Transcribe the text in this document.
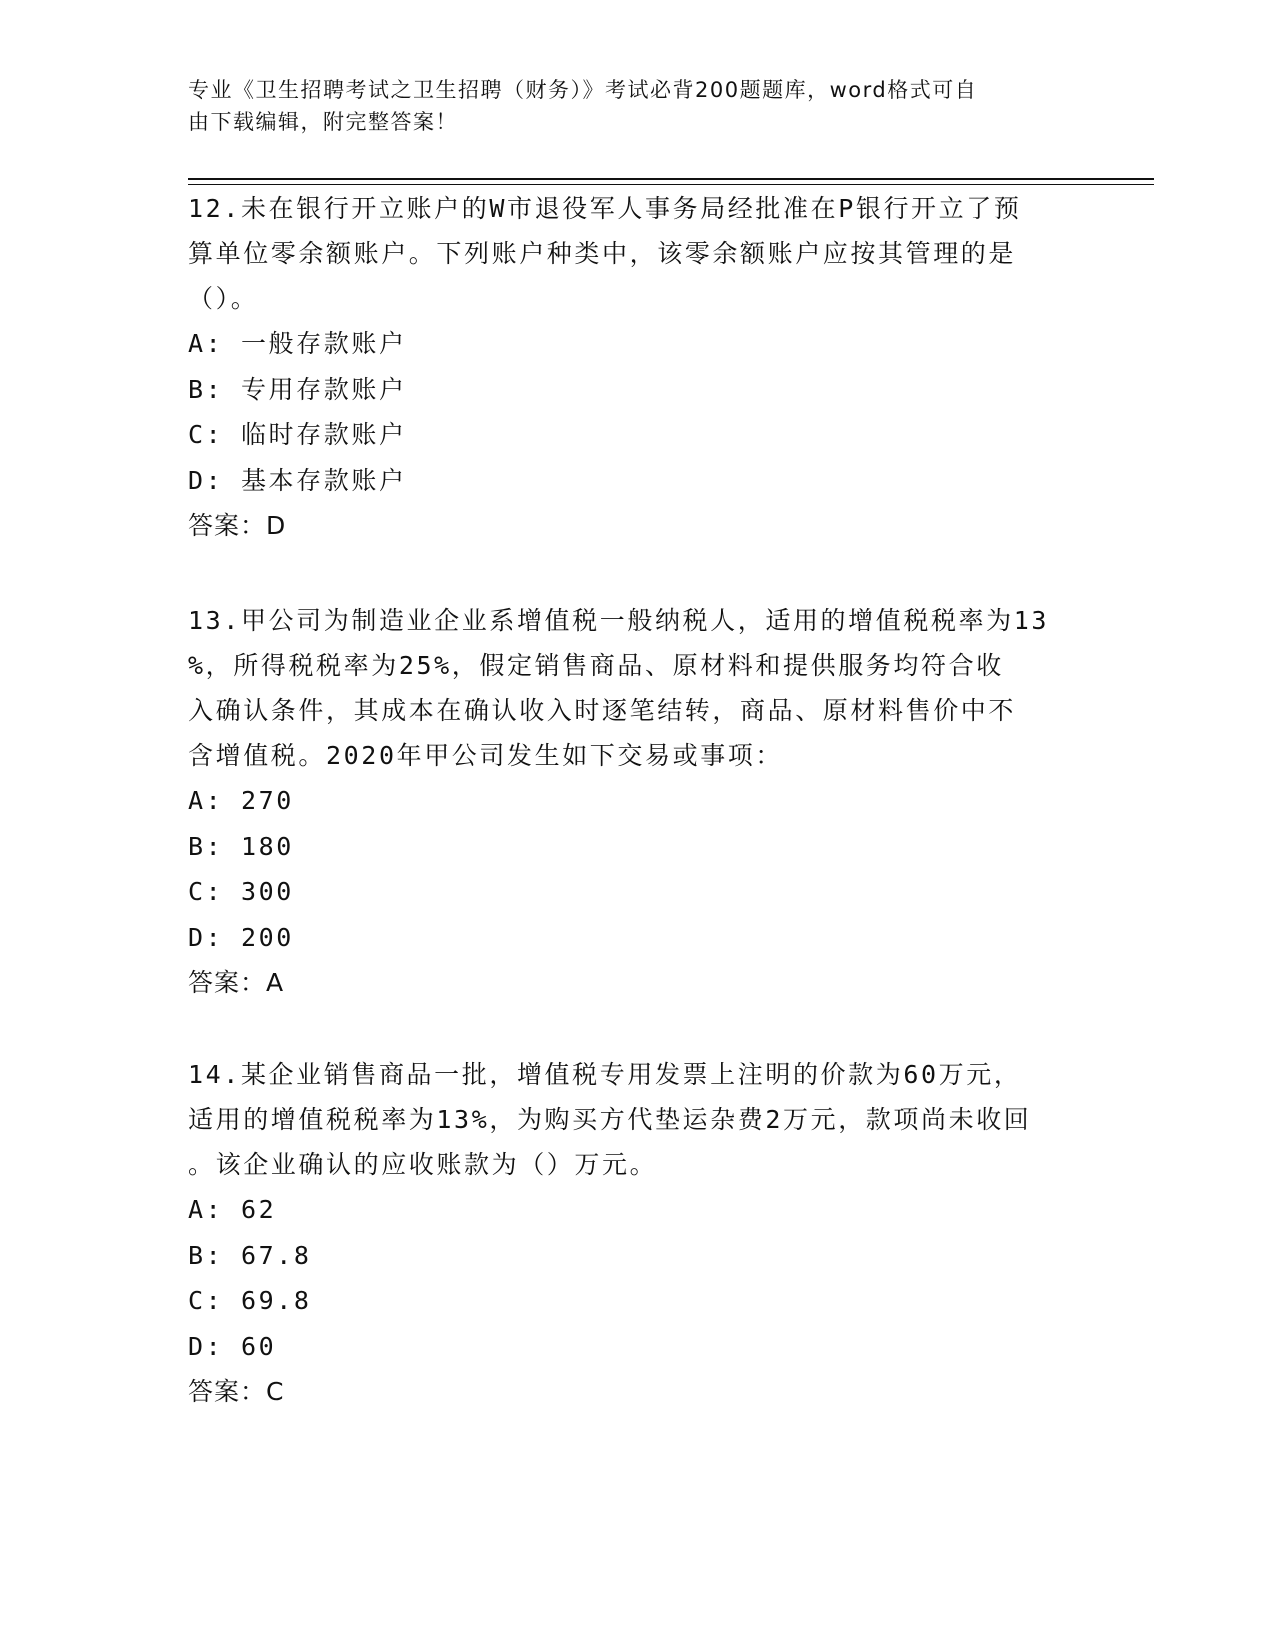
专业《卫生招聘考试之卫生招聘（财务）》考试必背200题题库，word格式可自
由下载编辑，附完整答案！
12.未在银行开立账户的W市退役军人事务局经批准在P银行开立了预
算单位零余额账户。下列账户种类中，该零余额账户应按其管理的是
（）。
A: 一般存款账户
B: 专用存款账户
C: 临时存款账户
D: 基本存款账户
答案：D
13.甲公司为制造业企业系增值税一般纳税人，适用的增值税税率为13
%，所得税税率为25%，假定销售商品、原材料和提供服务均符合收
入确认条件，其成本在确认收入时逐笔结转，商品、原材料售价中不
含增值税。2020年甲公司发生如下交易或事项：
A: 270
B: 180
C: 300
D: 200
答案：A
14.某企业销售商品一批，增值税专用发票上注明的价款为60万元，
适用的增值税税率为13%，为购买方代垫运杂费2万元，款项尚未收回
。该企业确认的应收账款为（）万元。
A: 62
B: 67.8
C: 69.8
D: 60
答案：C
